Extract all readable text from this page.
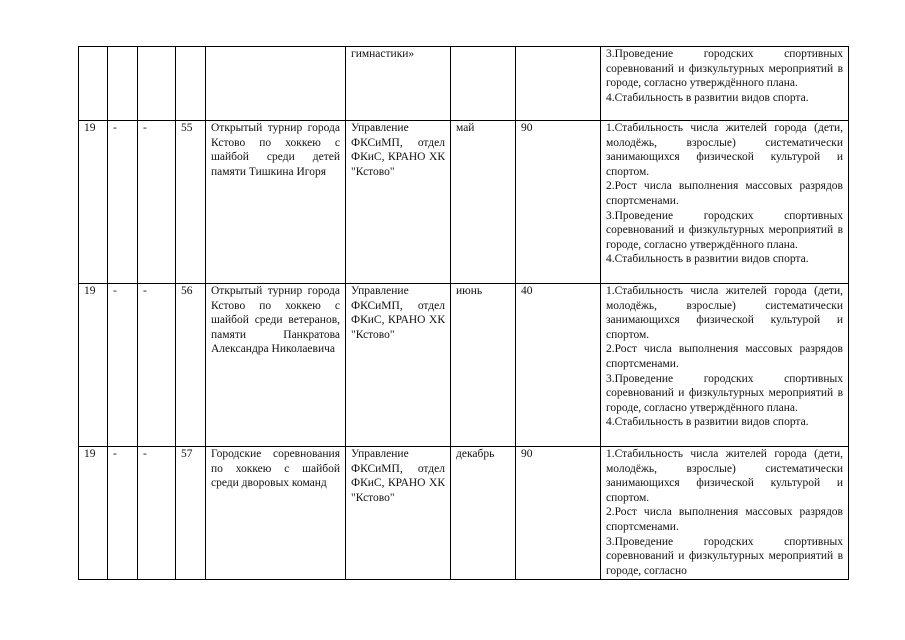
					гимнастики»			3.Проведение городских спортивных соревнований и физкультурных мероприятий в городе, согласно утверждённого плана.

4.Стабильность в развитии видов спорта.

19	-	-	55	Открытый турнир города Кстово по хоккею с шайбой среди детей памяти Тишкина Игоря	Управление ФКСиМП, отдел ФКиС, КРАНО ХК "Кстово"	май	90	1.Стабильность числа жителей города (дети, молодёжь, взрослые) систематически занимающихся физической культурой и спортом.

2.Рост числа выполнения массовых разрядов спортсменами.

3.Проведение городских спортивных соревнований и физкультурных мероприятий в городе, согласно утверждённого плана.

4.Стабильность в развитии видов спорта.

19	-	-	56	Открытый турнир города Кстово по хоккею с шайбой среди ветеранов, памяти Панкратова Александра Николаевича	Управление ФКСиМП, отдел ФКиС, КРАНО ХК "Кстово"	июнь	40	1.Стабильность числа жителей города (дети, молодёжь, взрослые) систематически занимающихся физической культурой и спортом.

2.Рост числа выполнения массовых разрядов спортсменами.

3.Проведение городских спортивных соревнований и физкультурных мероприятий в городе, согласно утверждённого плана.

4.Стабильность в развитии видов спорта.

19	-	-	57	Городские соревнования по хоккею с шайбой среди дворовых команд	Управление ФКСиМП, отдел ФКиС, КРАНО ХК "Кстово"	декабрь	90	1.Стабильность числа жителей города (дети, молодёжь, взрослые) систематически занимающихся физической культурой и спортом.

2.Рост числа выполнения массовых разрядов спортсменами.

3.Проведение городских спортивных соревнований и физкультурных мероприятий в городе, согласно
